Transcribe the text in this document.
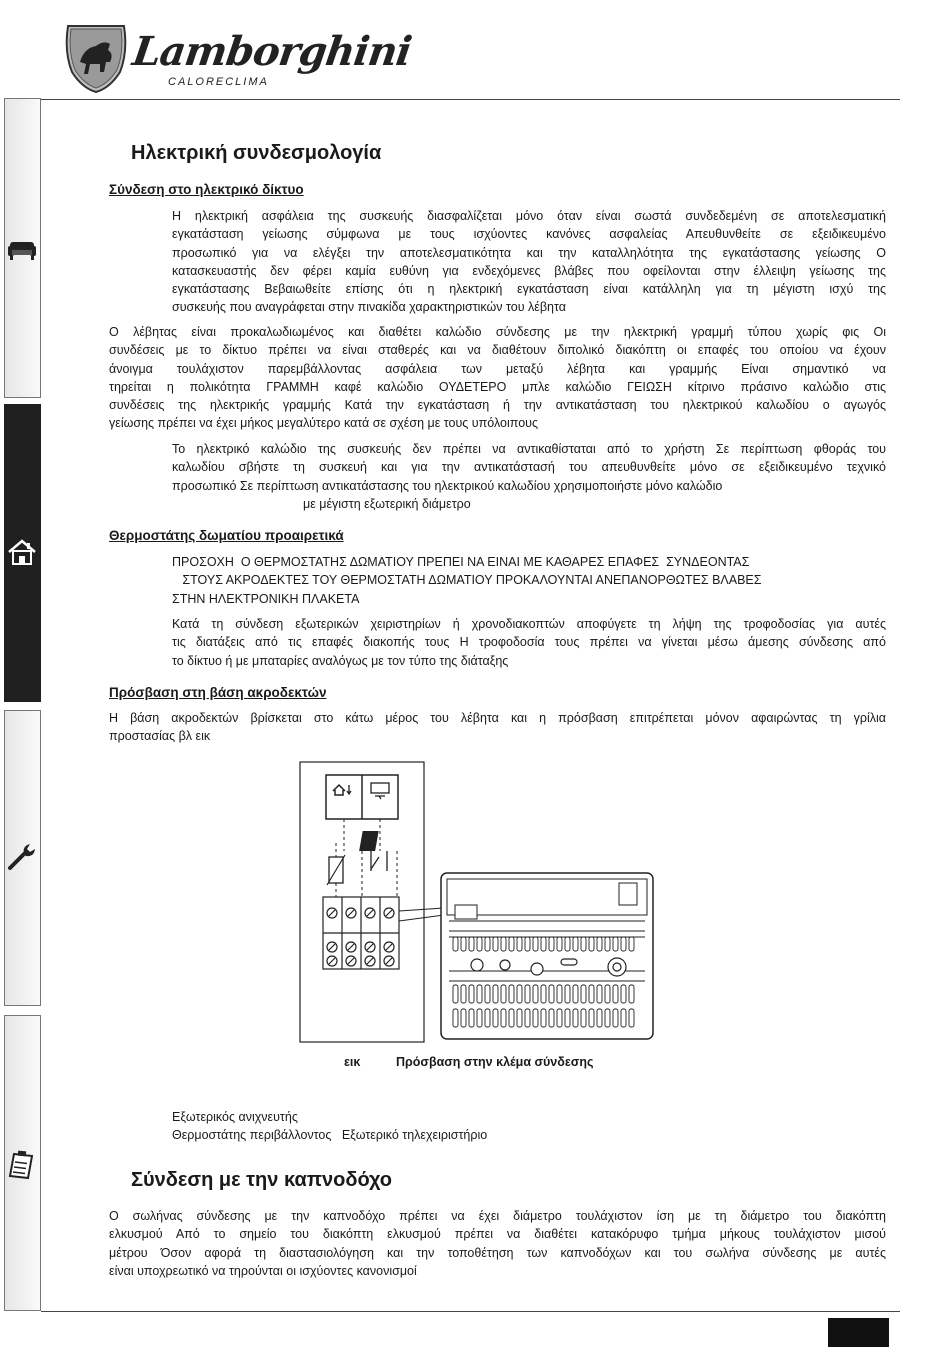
Lamborghini
CALORECLIMA
Ηλεκτρική συνδεσμολογία
Σύνδεση στο ηλεκτρικό δίκτυο
Η ηλεκτρική ασφάλεια της συσκευής διασφαλίζεται μόνο όταν είναι σωστά συνδεδεμένη σε αποτελεσματική
εγκατάσταση γείωσης σύμφωνα με τους ισχύοντες κανόνες ασφαλείας Απευθυνθείτε σε εξειδικευμένο
προσωπικό για να ελέγξει την αποτελεσματικότητα και την καταλληλότητα της εγκατάστασης γείωσης Ο
κατασκευαστής δεν φέρει καμία ευθύνη για ενδεχόμενες βλάβες που οφείλονται στην έλλειψη γείωσης της
εγκατάστασης Βεβαιωθείτε επίσης ότι η ηλεκτρική εγκατάσταση είναι κατάλληλη για τη μέγιστη ισχύ της
συσκευής που αναγράφεται στην πινακίδα χαρακτηριστικών του λέβητα
Ο λέβητας είναι προκαλωδιωμένος και διαθέτει καλώδιο σύνδεσης με την ηλεκτρική γραμμή τύπου χωρίς φις Οι
συνδέσεις με το δίκτυο πρέπει να είναι σταθερές και να διαθέτουν διπολικό διακόπτη οι επαφές του οποίου να έχουν
άνοιγμα τουλάχιστον παρεμβάλλοντας ασφάλεια των μεταξύ λέβητα και γραμμής Είναι σημαντικό να
τηρείται η πολικότητα ΓΡΑΜΜΗ καφέ καλώδιο ΟΥΔΕΤΕΡΟ μπλε καλώδιο ΓΕΙΩΣΗ κίτρινο πράσινο καλώδιο στις
συνδέσεις της ηλεκτρικής γραμμής Κατά την εγκατάσταση ή την αντικατάσταση του ηλεκτρικού καλωδίου ο αγωγός
γείωσης πρέπει να έχει μήκος μεγαλύτερο κατά σε σχέση με τους υπόλοιπους
Το ηλεκτρικό καλώδιο της συσκευής δεν πρέπει να αντικαθίσταται από το χρήστη Σε περίπτωση φθοράς του
καλωδίου σβήστε τη συσκευή και για την αντικατάστασή του απευθυνθείτε μόνο σε εξειδικευμένο τεχνικό
προσωπικό Σε περίπτωση αντικατάστασης του ηλεκτρικού καλωδίου χρησιμοποιήστε μόνο καλώδιο
με μέγιστη εξωτερική διάμετρο
Θερμοστάτης δωματίου προαιρετικά
ΠΡΟΣΟΧΗ  Ο ΘΕΡΜΟΣΤΑΤΗΣ ΔΩΜΑΤΙΟΥ ΠΡΕΠΕΙ ΝΑ ΕΙΝΑΙ ΜΕ ΚΑΘΑΡΕΣ ΕΠΑΦΕΣ  ΣΥΝΔΕΟΝΤΑΣ
ΣΤΟΥΣ ΑΚΡΟΔΕΚΤΕΣ ΤΟΥ ΘΕΡΜΟΣΤΑΤΗ ΔΩΜΑΤΙΟΥ ΠΡΟΚΑΛΟΥΝΤΑΙ ΑΝΕΠΑΝΟΡΘΩΤΕΣ ΒΛΑΒΕΣ
ΣΤΗΝ ΗΛΕΚΤΡΟΝΙΚΗ ΠΛΑΚΕΤΑ
Κατά τη σύνδεση εξωτερικών χειριστηρίων ή χρονοδιακοπτών αποφύγετε τη λήψη της τροφοδοσίας για αυτές
τις διατάξεις από τις επαφές διακοπής τους Η τροφοδοσία τους πρέπει να γίνεται μέσω άμεσης σύνδεσης από
το δίκτυο ή με μπαταρίες αναλόγως με τον τύπο της διάταξης
Πρόσβαση στη βάση ακροδεκτών
Η βάση ακροδεκτών βρίσκεται στο κάτω μέρος του λέβητα και η πρόσβαση επιτρέπεται μόνον αφαιρώντας τη γρίλια
προστασίας βλ εικ
εικ	Πρόσβαση στην κλέμα σύνδεσης
Εξωτερικός ανιχνευτής
Θερμοστάτης περιβάλλοντος   Εξωτερικό τηλεχειριστήριο
Σύνδεση με την καπνοδόχο
Ο σωλήνας σύνδεσης με την καπνοδόχο πρέπει να έχει διάμετρο τουλάχιστον ίση με τη διάμετρο του διακόπτη
ελκυσμού Από το σημείο του διακόπτη ελκυσμού πρέπει να διαθέτει κατακόρυφο τμήμα μήκους τουλάχιστον μισού
μέτρου Όσον αφορά τη διαστασιολόγηση και την τοποθέτηση των καπνοδόχων και του σωλήνα σύνδεσης με αυτές
είναι υποχρεωτικό να τηρούνται οι ισχύοντες κανονισμοί
